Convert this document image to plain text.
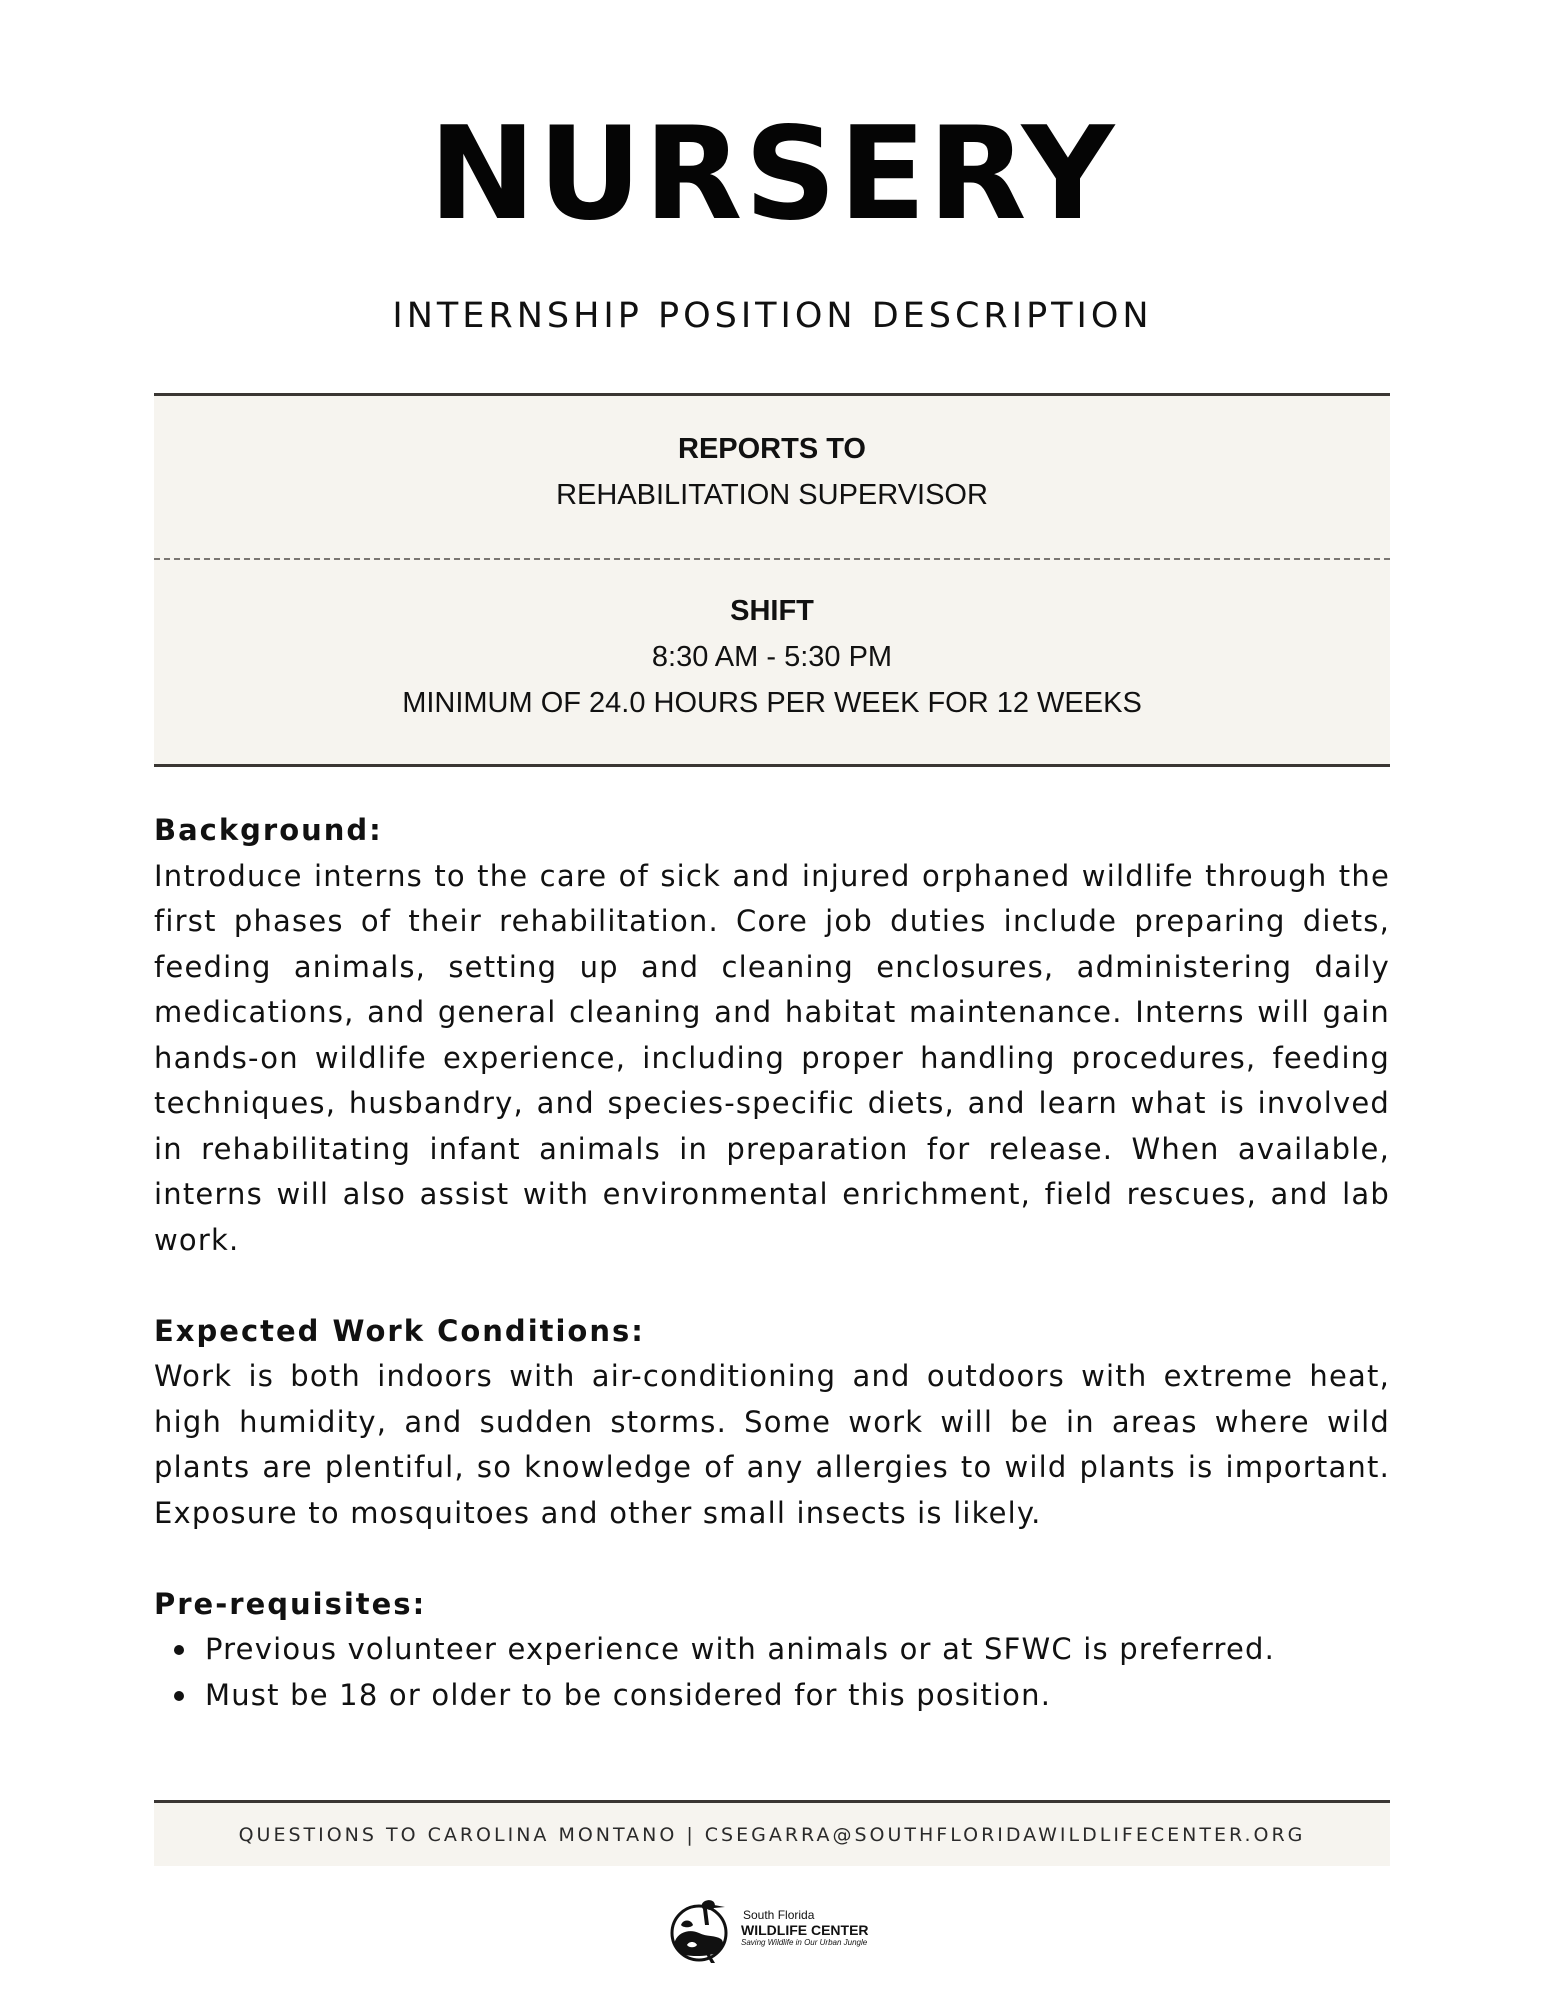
NURSERY
INTERNSHIP POSITION DESCRIPTION
REPORTS TO
REHABILITATION SUPERVISOR
SHIFT
8:30 AM - 5:30 PM
MINIMUM OF 24.0 HOURS PER WEEK FOR 12 WEEKS
Background:

Introduce interns to the care of sick and injured orphaned wildlife through the first phases of their rehabilitation. Core job duties include preparing diets, feeding animals, setting up and cleaning enclosures, administering daily medications, and general cleaning and habitat maintenance. Interns will gain hands-on wildlife experience, including proper handling procedures, feeding techniques, husbandry, and species-specific diets, and learn what is involved in rehabilitating infant animals in preparation for release. When available, interns will also assist with environmental enrichment, field rescues, and lab work.

Expected Work Conditions:

Work is both indoors with air-conditioning and outdoors with extreme heat, high humidity, and sudden storms. Some work will be in areas where wild plants are plentiful, so knowledge of any allergies to wild plants is important. Exposure to mosquitoes and other small insects is likely.

Pre-requisites:
Previous volunteer experience with animals or at SFWC is preferred.
Must be 18 or older to be considered for this position.
QUESTIONS TO CAROLINA MONTANO | CSEGARRA@SOUTHFLORIDAWILDLIFECENTER.ORG
South Florida
WILDLIFE CENTER
Saving Wildlife in Our Urban Jungle
